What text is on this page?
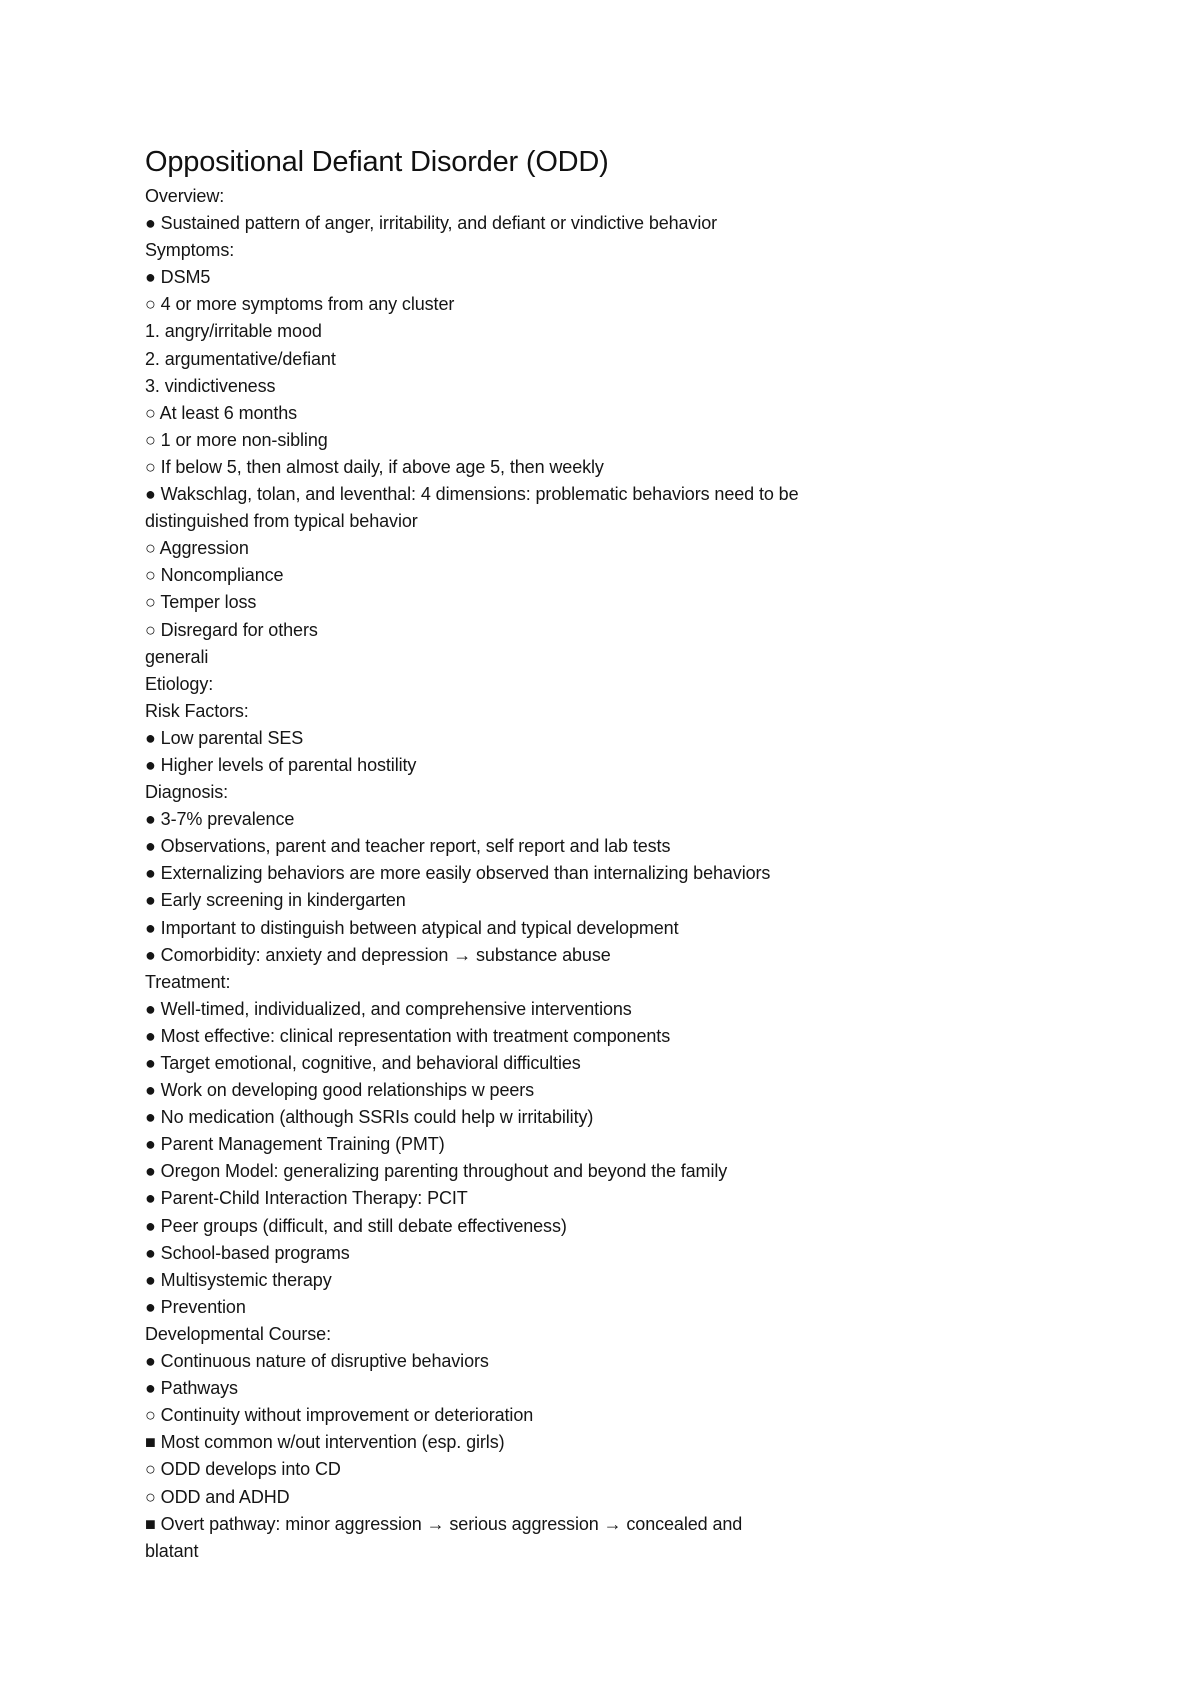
Oppositional Defiant Disorder (ODD)
Overview:
● Sustained pattern of anger, irritability, and defiant or vindictive behavior
Symptoms:
● DSM5
○ 4 or more symptoms from any cluster
1. angry/irritable mood
2. argumentative/defiant
3. vindictiveness
○ At least 6 months
○ 1 or more non-sibling
○ If below 5, then almost daily, if above age 5, then weekly
● Wakschlag, tolan, and leventhal: 4 dimensions: problematic behaviors need to be
distinguished from typical behavior
○ Aggression
○ Noncompliance
○ Temper loss
○ Disregard for others
generali
Etiology:
Risk Factors:
● Low parental SES
● Higher levels of parental hostility
Diagnosis:
● 3-7% prevalence
● Observations, parent and teacher report, self report and lab tests
● Externalizing behaviors are more easily observed than internalizing behaviors
● Early screening in kindergarten
● Important to distinguish between atypical and typical development
● Comorbidity: anxiety and depression → substance abuse
Treatment:
● Well-timed, individualized, and comprehensive interventions
● Most effective: clinical representation with treatment components
● Target emotional, cognitive, and behavioral difficulties
● Work on developing good relationships w peers
● No medication (although SSRIs could help w irritability)
● Parent Management Training (PMT)
● Oregon Model: generalizing parenting throughout and beyond the family
● Parent-Child Interaction Therapy: PCIT
● Peer groups (difficult, and still debate effectiveness)
● School-based programs
● Multisystemic therapy
● Prevention
Developmental Course:
● Continuous nature of disruptive behaviors
● Pathways
○ Continuity without improvement or deterioration
■ Most common w/out intervention (esp. girls)
○ ODD develops into CD
○ ODD and ADHD
■ Overt pathway: minor aggression → serious aggression → concealed and
blatant
